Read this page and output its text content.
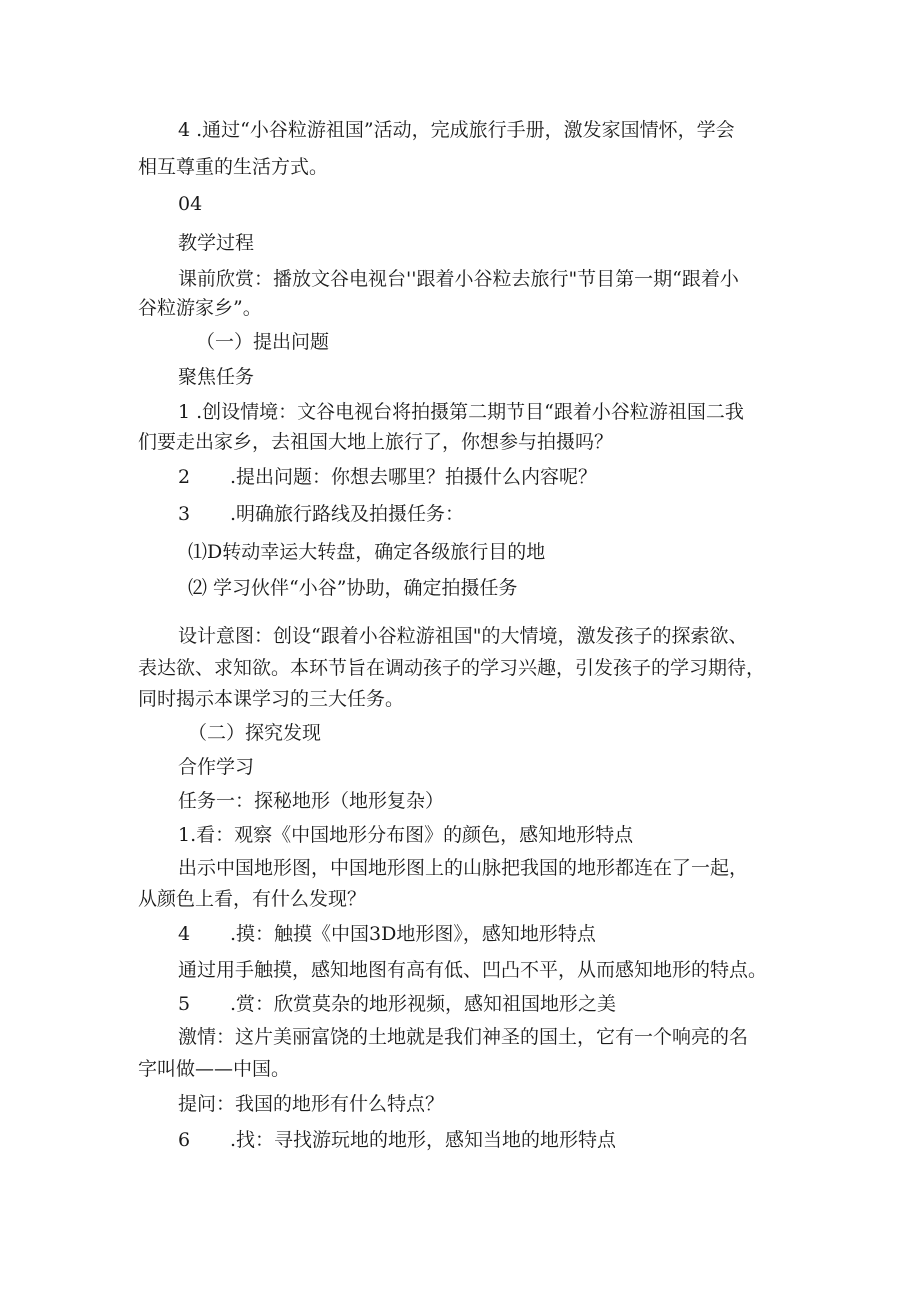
4 .通过“小谷粒游祖国”活动，完成旅行手册，激发家国情怀，学会
相互尊重的生活方式。
04
教学过程
课前欣赏：播放文谷电视台''跟着小谷粒去旅行"节目第一期“跟着小
谷粒游家乡”。
（一）提出问题
聚焦任务
1 .创设情境：文谷电视台将拍摄第二期节目“跟着小谷粒游祖国二我
们要走出家乡，去祖国大地上旅行了，你想参与拍摄吗？
2 .提出问题：你想去哪里？拍摄什么内容呢？
3 .明确旅行路线及拍摄任务：
⑴D转动幸运大转盘，确定各级旅行目的地
⑵ 学习伙伴“小谷”协助，确定拍摄任务
设计意图：创设“跟着小谷粒游祖国"的大情境，激发孩子的探索欲、
表达欲、求知欲。本环节旨在调动孩子的学习兴趣，引发孩子的学习期待，
同时揭示本课学习的三大任务。
（二）探究发现
合作学习
任务一：探秘地形（地形复杂）
1.看：观察《中国地形分布图》的颜色，感知地形特点
出示中国地形图，中国地形图上的山脉把我国的地形都连在了一起，
从颜色上看，有什么发现？
4 .摸：触摸《中国3D地形图》，感知地形特点
通过用手触摸，感知地图有高有低、凹凸不平，从而感知地形的特点。
5 .赏：欣赏莫杂的地形视频，感知祖国地形之美
激情：这片美丽富饶的土地就是我们神圣的国土，它有一个响亮的名
字叫做——中国。
提问：我国的地形有什么特点？
6 .找：寻找游玩地的地形，感知当地的地形特点
